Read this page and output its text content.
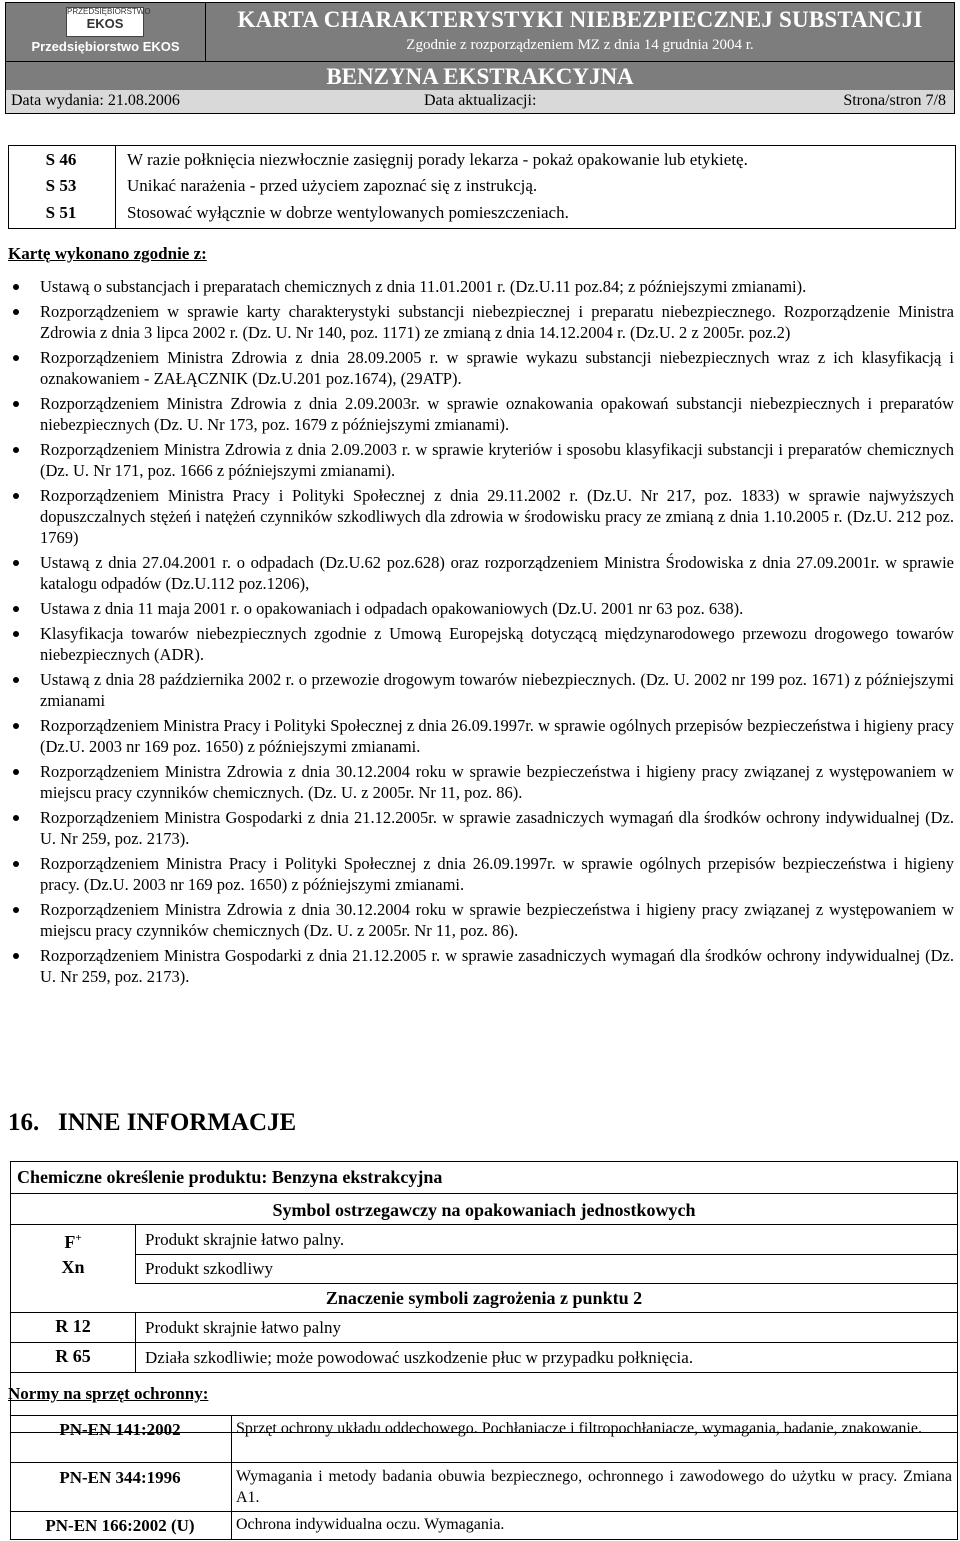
PRZEDSIĘBIORSTWO
EKOS
Przedsiębiorstwo EKOS
KARTA CHARAKTERYSTYKI NIEBEZPIECZNEJ SUBSTANCJI
Zgodnie z rozporządzeniem MZ z dnia 14 grudnia 2004 r.
BENZYNA EKSTRAKCYJNA
Data wydania: 21.08.2006	Data aktualizacji:	Strona/stron 7/8
S 46	W razie połknięcia niezwłocznie zasięgnij porady lekarza - pokaż opakowanie lub etykietę.
S 53	Unikać narażenia - przed użyciem zapoznać się z instrukcją.
S 51	Stosować wyłącznie w dobrze wentylowanych pomieszczeniach.
Kartę wykonano zgodnie z:

Ustawą o substancjach i preparatach chemicznych z dnia 11.01.2001 r. (Dz.U.11 poz.84; z późniejszymi zmianami).

Rozporządzeniem w sprawie karty charakterystyki substancji niebezpiecznej i preparatu niebezpiecznego. Rozporządzenie Ministra Zdrowia z dnia 3 lipca 2002 r. (Dz. U. Nr 140, poz. 1171) ze zmianą z dnia 14.12.2004 r. (Dz.U. 2 z 2005r. poz.2)

Rozporządzeniem Ministra Zdrowia z dnia 28.09.2005 r. w sprawie wykazu substancji niebezpiecznych wraz z ich klasyfikacją i oznakowaniem - ZAŁĄCZNIK (Dz.U.201 poz.1674), (29ATP).

Rozporządzeniem Ministra Zdrowia z dnia 2.09.2003r. w sprawie oznakowania opakowań substancji niebezpiecznych i preparatów niebezpiecznych (Dz. U. Nr 173, poz. 1679 z późniejszymi zmianami).

Rozporządzeniem Ministra Zdrowia z dnia 2.09.2003 r. w sprawie kryteriów i sposobu klasyfikacji substancji i preparatów chemicznych (Dz. U. Nr 171, poz. 1666 z późniejszymi zmianami).

Rozporządzeniem Ministra Pracy i Polityki Społecznej z dnia 29.11.2002 r. (Dz.U. Nr 217, poz. 1833) w sprawie najwyższych dopuszczalnych stężeń i natężeń czynników szkodliwych dla zdrowia w środowisku pracy ze zmianą z dnia 1.10.2005 r. (Dz.U. 212 poz. 1769)

Ustawą z dnia 27.04.2001 r. o odpadach (Dz.U.62 poz.628) oraz rozporządzeniem Ministra Środowiska z dnia 27.09.2001r. w sprawie katalogu odpadów (Dz.U.112 poz.1206),

Ustawa z dnia 11 maja 2001 r. o opakowaniach i odpadach opakowaniowych (Dz.U. 2001 nr 63 poz. 638).

Klasyfikacja towarów niebezpiecznych zgodnie z Umową Europejską dotyczącą międzynarodowego przewozu drogowego towarów niebezpiecznych (ADR).

Ustawą z dnia 28 października 2002 r. o przewozie drogowym towarów niebezpiecznych. (Dz. U. 2002 nr 199 poz. 1671) z późniejszymi zmianami

Rozporządzeniem Ministra Pracy i Polityki Społecznej z dnia 26.09.1997r. w sprawie ogólnych przepisów bezpieczeństwa i higieny pracy (Dz.U. 2003 nr 169 poz. 1650) z późniejszymi zmianami.

Rozporządzeniem Ministra Zdrowia z dnia 30.12.2004 roku w sprawie bezpieczeństwa i higieny pracy związanej z występowaniem w miejscu pracy czynników chemicznych. (Dz. U. z 2005r. Nr 11, poz. 86).

Rozporządzeniem Ministra Gospodarki z dnia 21.12.2005r. w sprawie zasadniczych wymagań dla środków ochrony indywidualnej (Dz. U. Nr 259, poz. 2173).

Rozporządzeniem Ministra Pracy i Polityki Społecznej z dnia 26.09.1997r. w sprawie ogólnych przepisów bezpieczeństwa i higieny pracy. (Dz.U. 2003 nr 169 poz. 1650) z późniejszymi zmianami.

Rozporządzeniem Ministra Zdrowia z dnia 30.12.2004 roku w sprawie bezpieczeństwa i higieny pracy związanej z występowaniem w miejscu pracy czynników chemicznych (Dz. U. z 2005r. Nr 11, poz. 86).

Rozporządzeniem Ministra Gospodarki z dnia 21.12.2005 r. w sprawie zasadniczych wymagań dla środków ochrony indywidualnej (Dz. U. Nr 259, poz. 2173).

16.   INNE INFORMACJE
Chemiczne określenie produktu: Benzyna ekstrakcyjna
Symbol ostrzegawczy na opakowaniach jednostkowych
F+	Produkt skrajnie łatwo palny.
Xn	Produkt szkodliwy
Znaczenie symboli zagrożenia z punktu 2
R 12	Produkt skrajnie łatwo palny
R 65	Działa szkodliwie; może powodować uszkodzenie płuc w przypadku połknięcia.
Normy na sprzęt ochronny:
PN-EN 141:2002	Sprzęt ochrony układu oddechowego. Pochłaniacze i filtropochłaniacze, wymagania, badanie, znakowanie.
PN-EN 344:1996	Wymagania i metody badania obuwia bezpiecznego, ochronnego i zawodowego do użytku w pracy. Zmiana A1.
PN-EN 166:2002 (U)	Ochrona indywidualna oczu. Wymagania.
